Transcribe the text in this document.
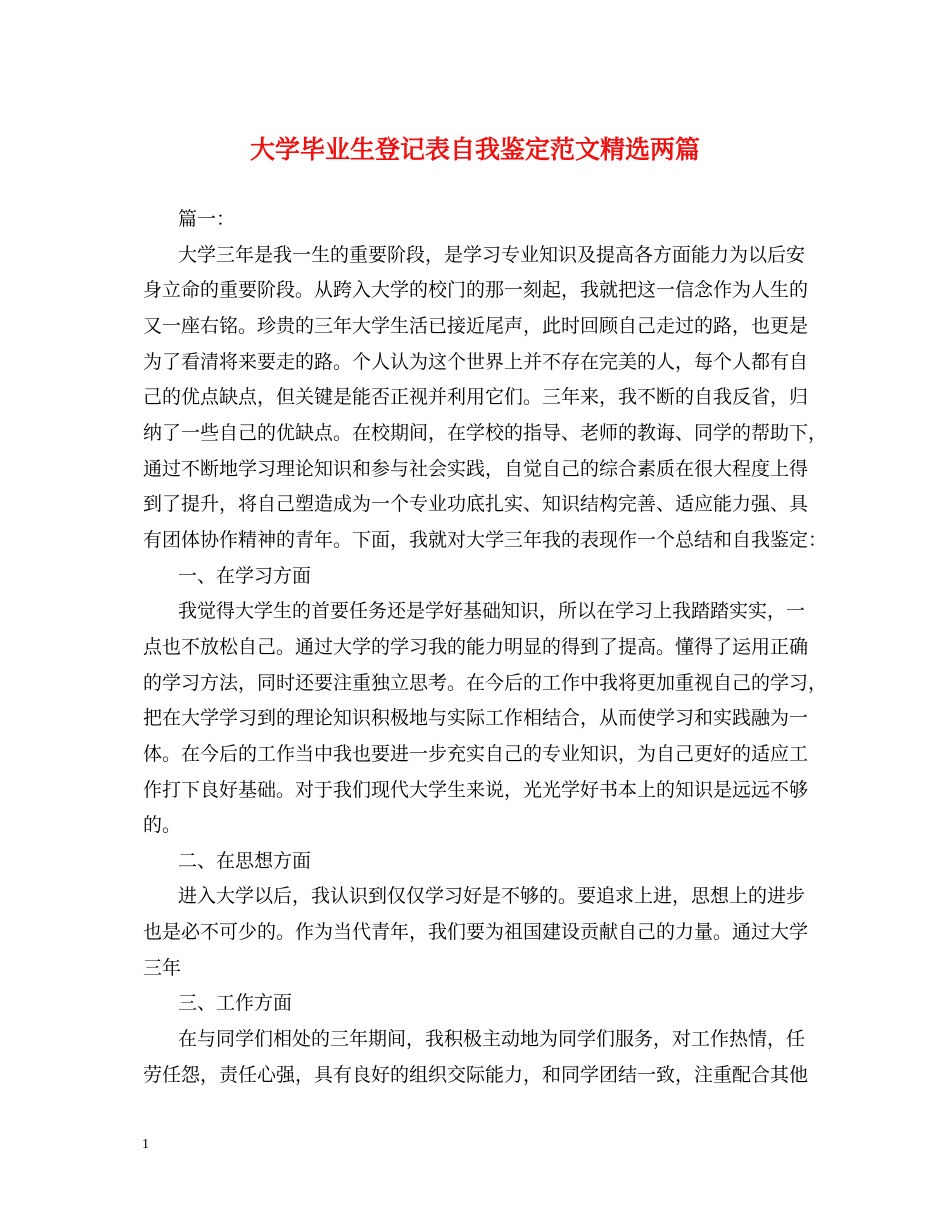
大学毕业生登记表自我鉴定范文精选两篇
篇一：
大学三年是我一生的重要阶段，是学习专业知识及提高各方面能力为以后安
身立命的重要阶段。从跨入大学的校门的那一刻起，我就把这一信念作为人生的
又一座右铭。珍贵的三年大学生活已接近尾声，此时回顾自己走过的路，也更是
为了看清将来要走的路。个人认为这个世界上并不存在完美的人，每个人都有自
己的优点缺点，但关键是能否正视并利用它们。三年来，我不断的自我反省，归
纳了一些自己的优缺点。在校期间，在学校的指导、老师的教诲、同学的帮助下，
通过不断地学习理论知识和参与社会实践，自觉自己的综合素质在很大程度上得
到了提升，将自己塑造成为一个专业功底扎实、知识结构完善、适应能力强、具
有团体协作精神的青年。下面，我就对大学三年我的表现作一个总结和自我鉴定：
一、在学习方面
我觉得大学生的首要任务还是学好基础知识，所以在学习上我踏踏实实，一
点也不放松自己。通过大学的学习我的能力明显的得到了提高。懂得了运用正确
的学习方法，同时还要注重独立思考。在今后的工作中我将更加重视自己的学习，
把在大学学习到的理论知识积极地与实际工作相结合，从而使学习和实践融为一
体。在今后的工作当中我也要进一步充实自己的专业知识，为自己更好的适应工
作打下良好基础。对于我们现代大学生来说，光光学好书本上的知识是远远不够
的。
二、在思想方面
进入大学以后，我认识到仅仅学习好是不够的。要追求上进，思想上的进步
也是必不可少的。作为当代青年，我们要为祖国建设贡献自己的力量。通过大学
三年
三、工作方面
在与同学们相处的三年期间，我积极主动地为同学们服务，对工作热情，任
劳任怨，责任心强，具有良好的组织交际能力，和同学团结一致，注重配合其他
1
